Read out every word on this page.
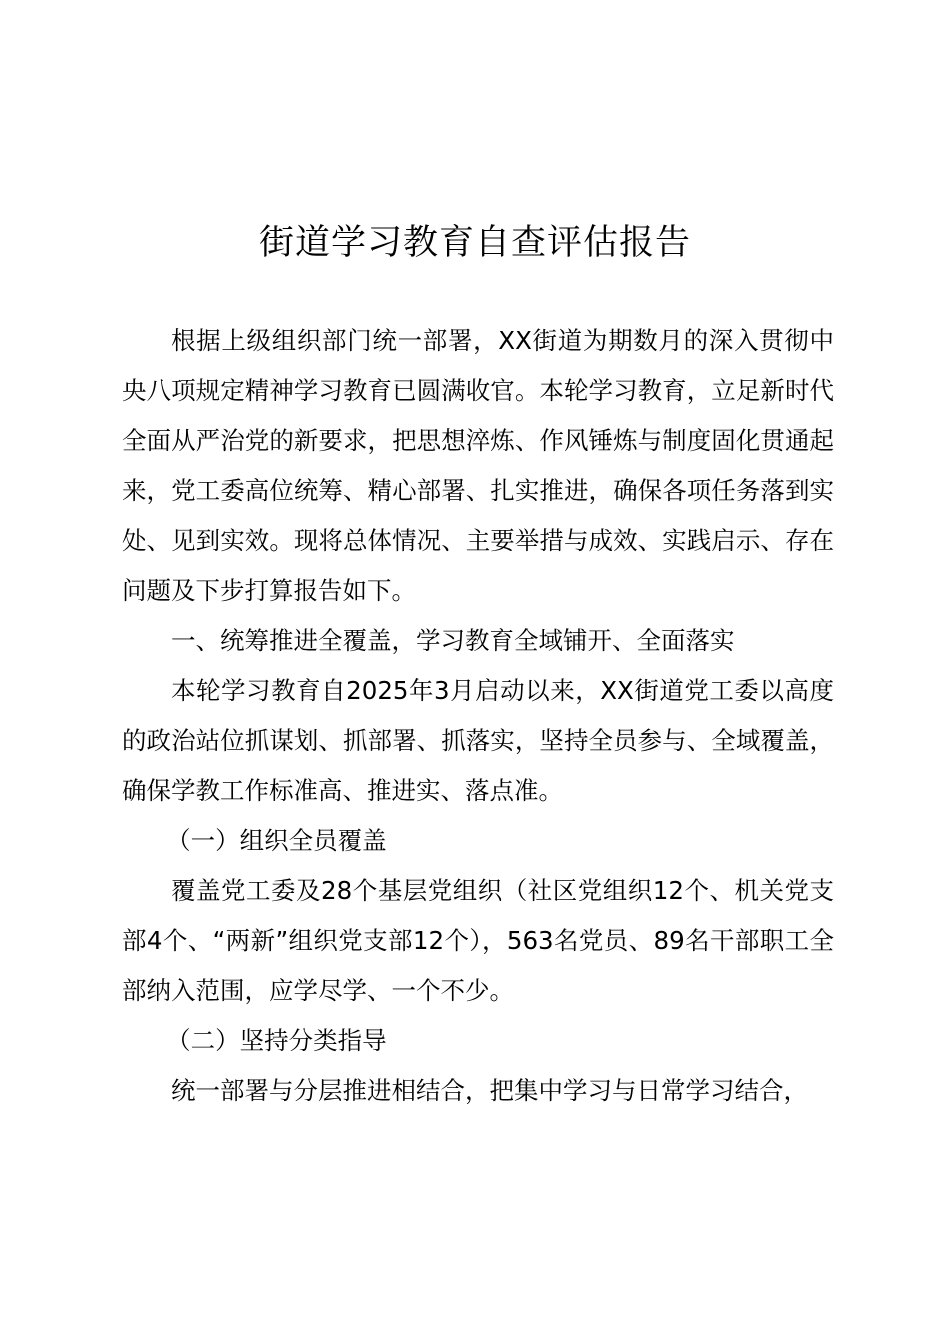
街道学习教育自查评估报告

根据上级组织部门统一部署，XX街道为期数月的深入贯彻中央八项规定精神学习教育已圆满收官。本轮学习教育，立足新时代全面从严治党的新要求，把思想淬炼、作风锤炼与制度固化贯通起来，党工委高位统筹、精心部署、扎实推进，确保各项任务落到实处、见到实效。现将总体情况、主要举措与成效、实践启示、存在问题及下步打算报告如下。

一、统筹推进全覆盖，学习教育全域铺开、全面落实

本轮学习教育自2025年3月启动以来，XX街道党工委以高度的政治站位抓谋划、抓部署、抓落实，坚持全员参与、全域覆盖，确保学教工作标准高、推进实、落点准。

（一）组织全员覆盖

覆盖党工委及28个基层党组织（社区党组织12个、机关党支部4个、“两新”组织党支部12个），563名党员、89名干部职工全部纳入范围，应学尽学、一个不少。

（二）坚持分类指导

统一部署与分层推进相结合，把集中学习与日常学习结合，
